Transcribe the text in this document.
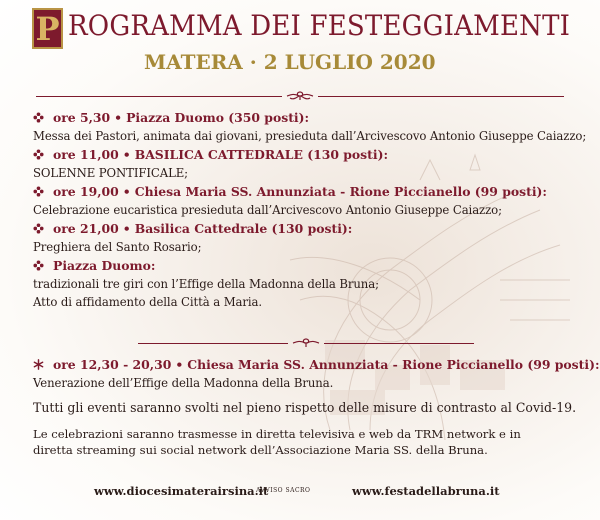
P ROGRAMMA DEI FESTEGGIAMENTI
MATERA · 2 LUGLIO 2020
ore 5,30 • Piazza Duomo (350 posti):
Messa dei Pastori, animata dai giovani, presieduta dall’Arcivescovo Antonio Giuseppe Caiazzo;
ore 11,00 • BASILICA CATTEDRALE (130 posti):
SOLENNE PONTIFICALE;
ore 19,00 • Chiesa Maria SS. Annunziata - Rione Piccianello (99 posti):
Celebrazione eucaristica presieduta dall’Arcivescovo Antonio Giuseppe Caiazzo;
ore 21,00 • Basilica Cattedrale (130 posti):
Preghiera del Santo Rosario;
Piazza Duomo:
tradizionali tre giri con l’Effige della Madonna della Bruna;
Atto di affidamento della Città a Maria.
ore 12,30 - 20,30 • Chiesa Maria SS. Annunziata - Rione Piccianello (99 posti):
Venerazione dell’Effige della Madonna della Bruna.
Tutti gli eventi saranno svolti nel pieno rispetto delle misure di contrasto al Covid-19.
Le celebrazioni saranno trasmesse in diretta televisiva e web da TRM network e in diretta streaming sui social network dell’Associazione Maria SS. della Bruna.
www.diocesimaterairsina.it
AVVISO SACRO	www.festadellabruna.it
